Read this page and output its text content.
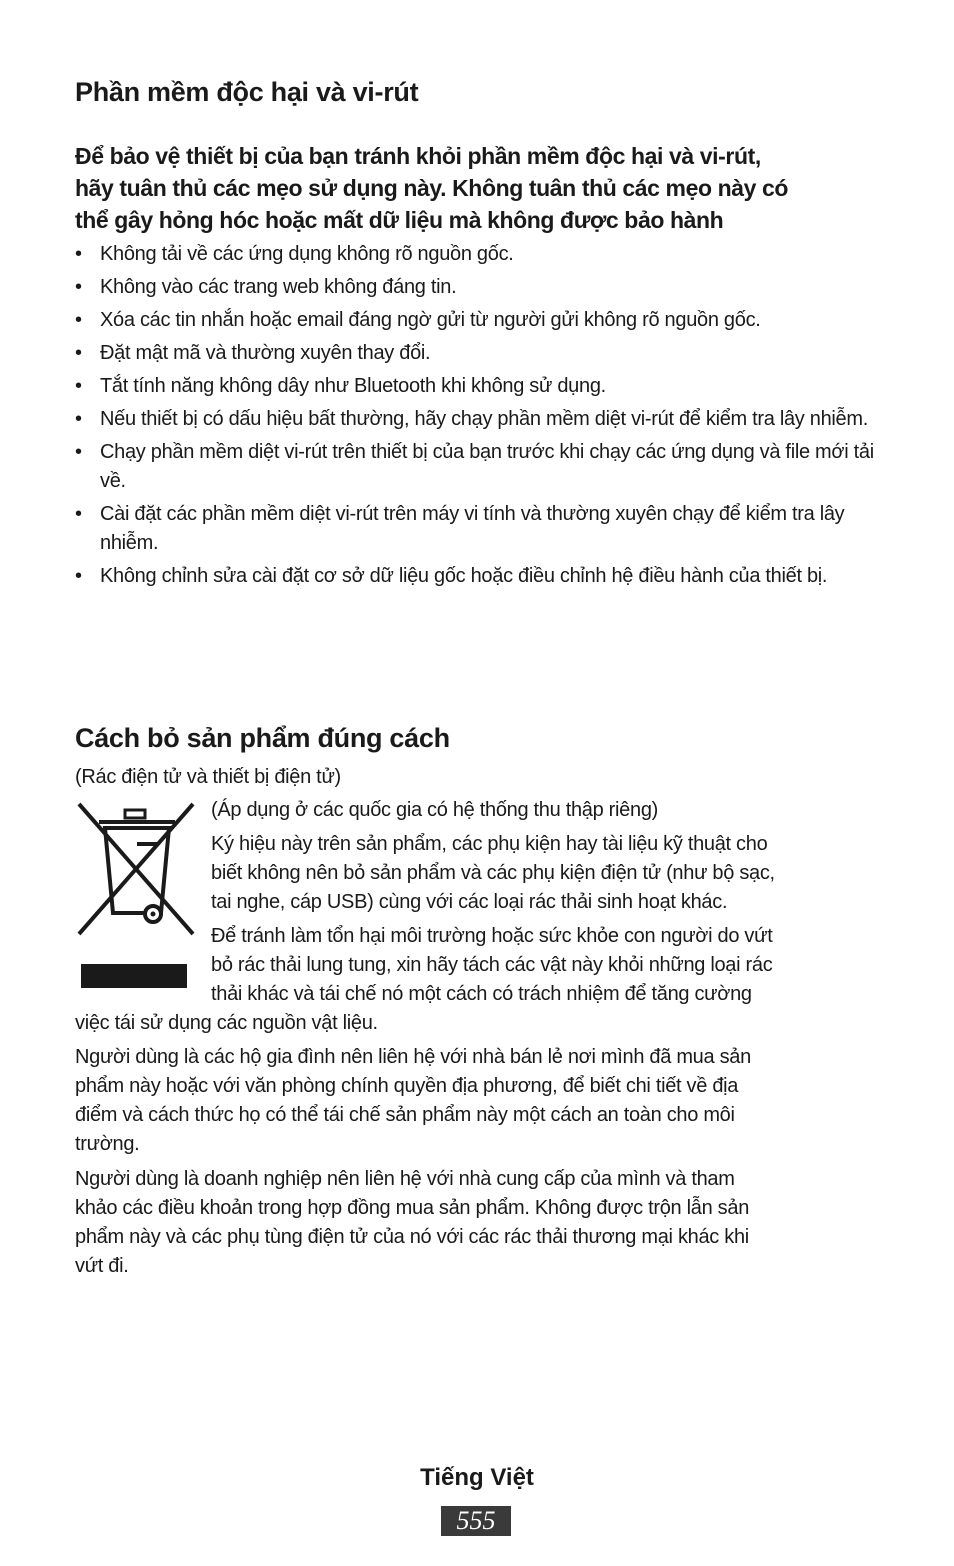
Phần mềm độc hại và vi-rút
Để bảo vệ thiết bị của bạn tránh khỏi phần mềm độc hại và vi-rút,
hãy tuân thủ các mẹo sử dụng này. Không tuân thủ các mẹo này có
thể gây hỏng hóc hoặc mất dữ liệu mà không được bảo hành
• Không tải về các ứng dụng không rõ nguồn gốc.
• Không vào các trang web không đáng tin.
• Xóa các tin nhắn hoặc email đáng ngờ gửi từ người gửi không rõ nguồn gốc.
• Đặt mật mã và thường xuyên thay đổi.
• Tắt tính năng không dây như Bluetooth khi không sử dụng.
• Nếu thiết bị có dấu hiệu bất thường, hãy chạy phần mềm diệt vi-rút để kiểm tra lây nhiễm.
• Chạy phần mềm diệt vi-rút trên thiết bị của bạn trước khi chạy các ứng dụng và file mới tải về.
• Cài đặt các phần mềm diệt vi-rút trên máy vi tính và thường xuyên chạy để kiểm tra lây nhiễm.
• Không chỉnh sửa cài đặt cơ sở dữ liệu gốc hoặc điều chỉnh hệ điều hành của thiết bị.
Cách bỏ sản phẩm đúng cách
(Rác điện tử và thiết bị điện tử)
(Áp dụng ở các quốc gia có hệ thống thu thập riêng)
Ký hiệu này trên sản phẩm, các phụ kiện hay tài liệu kỹ thuật cho
biết không nên bỏ sản phẩm và các phụ kiện điện tử (như bộ sạc,
tai nghe, cáp USB) cùng với các loại rác thải sinh hoạt khác.
Để tránh làm tổn hại môi trường hoặc sức khỏe con người do vứt
bỏ rác thải lung tung, xin hãy tách các vật này khỏi những loại rác
thải khác và tái chế nó một cách có trách nhiệm để tăng cường
việc tái sử dụng các nguồn vật liệu.
Người dùng là các hộ gia đình nên liên hệ với nhà bán lẻ nơi mình đã mua sản
phẩm này hoặc với văn phòng chính quyền địa phương, để biết chi tiết về địa
điểm và cách thức họ có thể tái chế sản phẩm này một cách an toàn cho môi
trường.
Người dùng là doanh nghiệp nên liên hệ với nhà cung cấp của mình và tham
khảo các điều khoản trong hợp đồng mua sản phẩm. Không được trộn lẫn sản
phẩm này và các phụ tùng điện tử của nó với các rác thải thương mại khác khi
vứt đi.
Tiếng Việt
555
